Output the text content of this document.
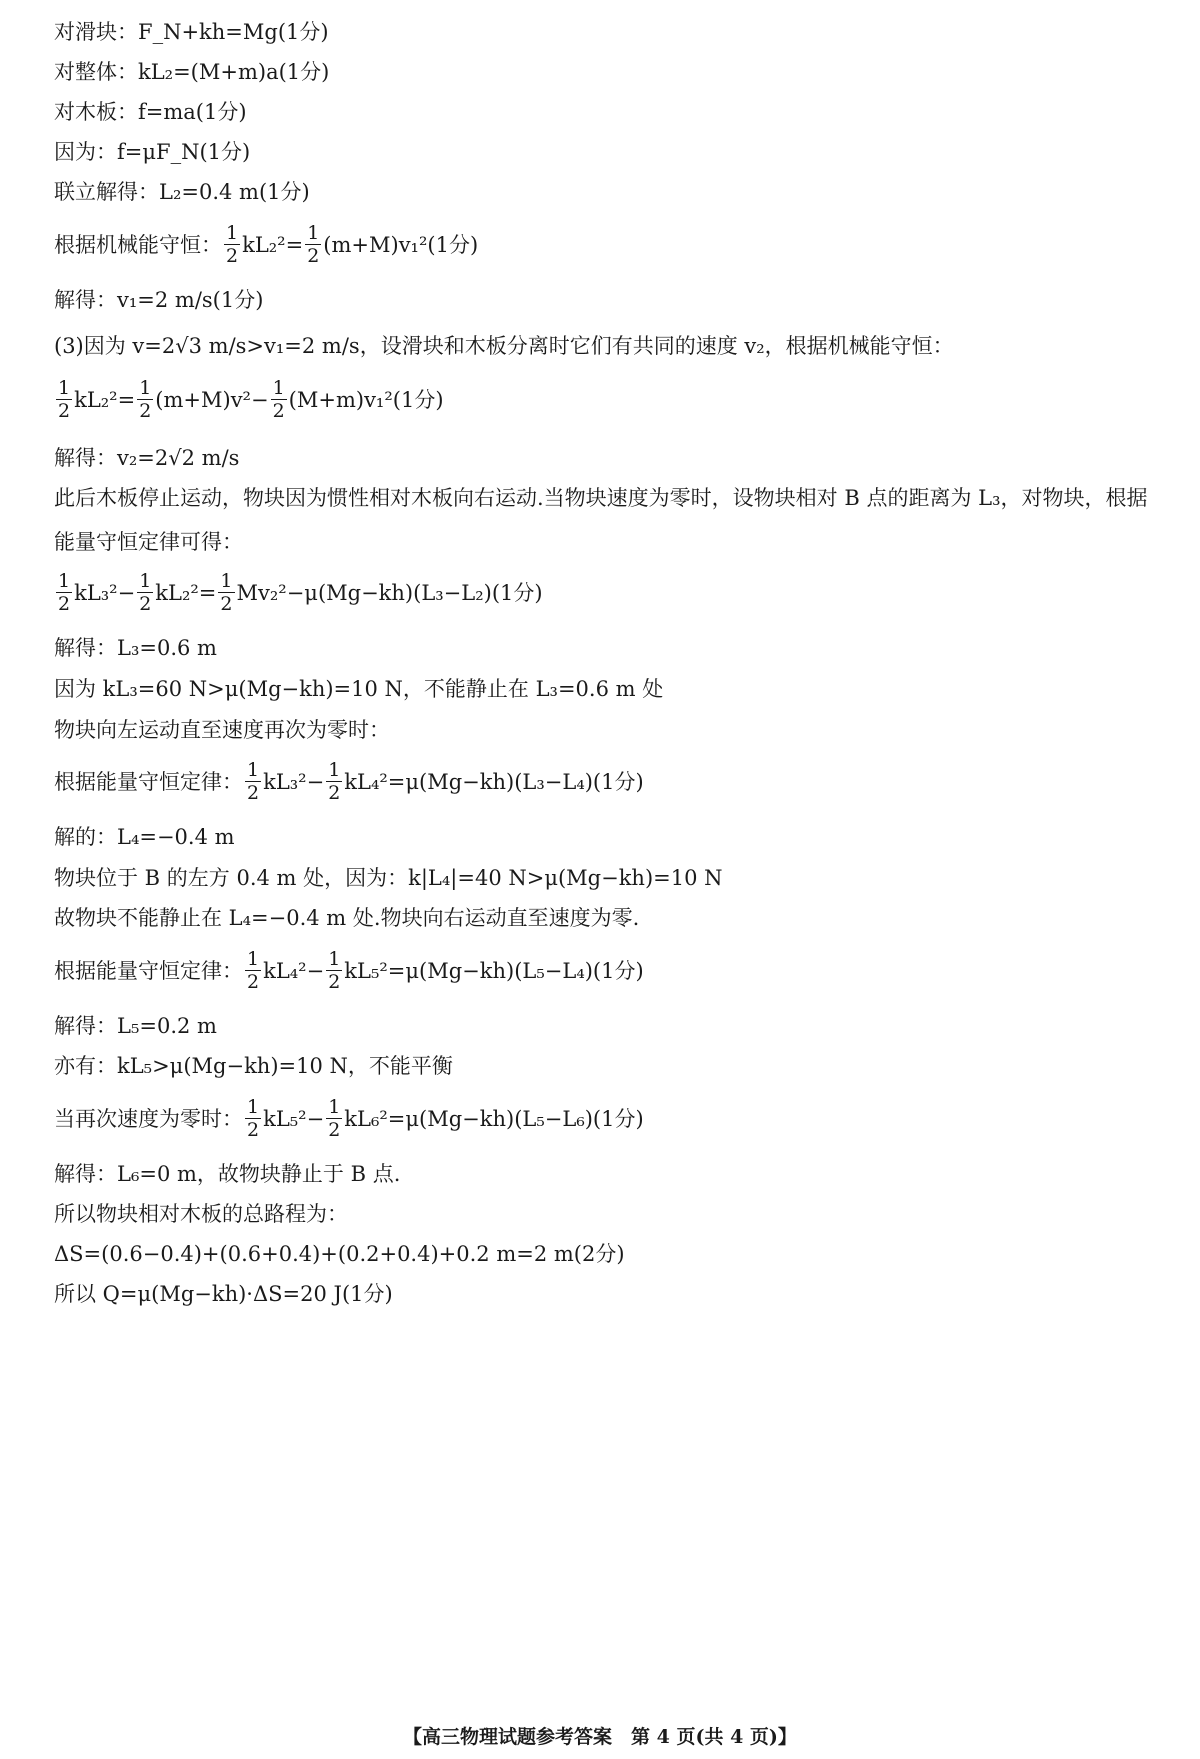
对滑块：F_N+kh=Mg(1分)
对整体：kL₂=(M+m)a(1分)
对木板：f=ma(1分)
因为：f=μF_N(1分)
联立解得：L₂=0.4 m(1分)
根据机械能守恒： $\frac{1}{2} kL_2^2= \frac{1}{2} (m+M)v_1^2(1$分)
解得：v₁=2 m/s(1分)
(3)因为 v=2√3 m/s>v₁=2 m/s，设滑块和木板分离时它们有共同的速度 v₂，根据机械能守恒：
$\frac{1}{2} kL_2^2= \frac{1}{2} (m+M)v^2- \frac{1}{2} (M+m)v_1^2(1$分)
解得：v₂=2√2 m/s
此后木板停止运动，物块因为惯性相对木板向右运动.当物块速度为零时，设物块相对 B 点的距离为 L₃，对物块，根据能量守恒定律可得：
$\frac{1}{2} kL_3^2- \frac{1}{2} kL_2^2= \frac{1}{2} Mv_2^2-\mu(Mg-kh)(L_3-L_2)(1$分)
解得：L₃=0.6 m
因为 kL₃=60 N>μ(Mg−kh)=10 N，不能静止在 L₃=0.6 m 处
物块向左运动直至速度再次为零时：
根据能量守恒定律： $\frac{1}{2} kL_3^2- \frac{1}{2} kL_4^2=\mu(Mg-kh)(L_3-L_4)(1$分)
解的：L₄=−0.4 m
物块位于 B 的左方 0.4 m 处，因为：k|L₄|=40 N>μ(Mg−kh)=10 N
故物块不能静止在 L₄=−0.4 m 处.物块向右运动直至速度为零.
根据能量守恒定律： $\frac{1}{2} kL_4^2- \frac{1}{2} kL_5^2=\mu(Mg-kh)(L_5-L_4)(1$分)
解得：L₅=0.2 m
亦有：kL₅>μ(Mg−kh)=10 N，不能平衡
当再次速度为零时： $\frac{1}{2} kL_5^2- \frac{1}{2} kL_6^2=\mu(Mg-kh)(L_5-L_6)(1$分)
解得：L₆=0 m，故物块静止于 B 点.
所以物块相对木板的总路程为：
ΔS=(0.6−0.4)+(0.6+0.4)+(0.2+0.4)+0.2 m=2 m(2分)
所以 Q=μ(Mg−kh)·ΔS=20 J(1分)
【高三物理试题参考答案　第 4 页(共 4 页)】
